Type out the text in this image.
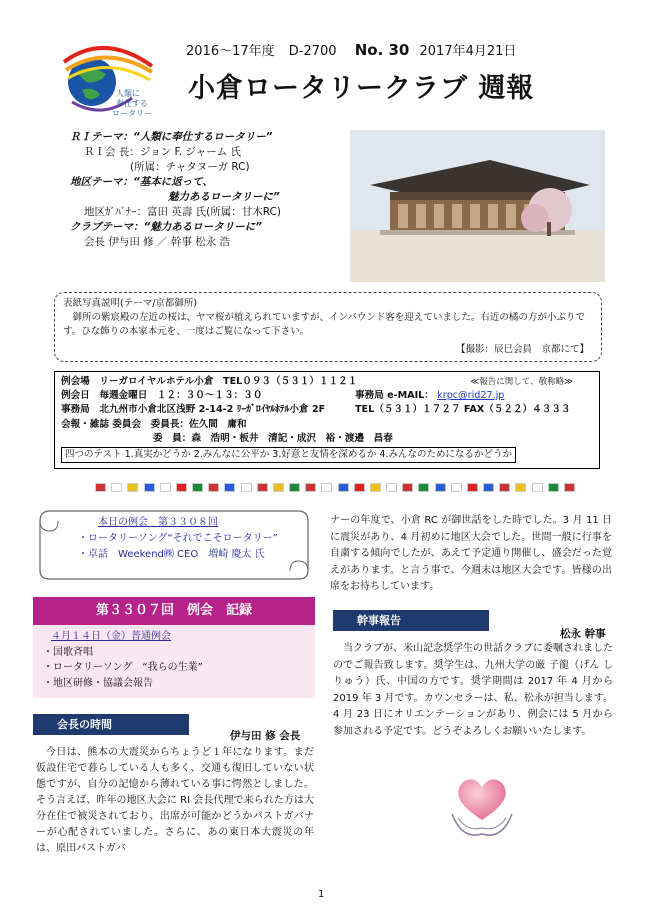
人類に
奉仕する
ロータリー
2016～17年度 D-2700 No. 30 2017年4月21日
小倉ロータリークラブ 週報
ＲＩテーマ：“人類に奉仕するロータリー”
ＲＩ会 長：ジョン F. ジャーム 氏
(所属：チャタヌーガ RC)
地区テーマ：“基本に返って、
魅力あるロータリーに”
地区ｶﾞﾊﾞﾅｰ：富田 英壽 氏(所属：甘木RC)
クラブテーマ：“魅力あるロータリーに”
会長 伊与田 修 ／ 幹事 松永 浩
表紙写真説明(テーマ/京都御所)
御所の紫宸殿の左近の桜は、ヤマ桜が植えられていますが、インバウンド客を迎えていました。右近の橘の方が小ぶりです。ひな飾りの本家本元を、一度はご覧になって下さい。
【撮影：辰巳会員　京都にて】
例会場　リーガロイヤルホテル小倉　TEL０９３（５３１）１１２１	≪報告に関して、敬称略≫
例会日　毎週金曜日　１２：３０～１３：３０	事務局 e-MAIL： krpc@rid27.jp
事務局　北九州市小倉北区浅野 2-14-2 ﾘｰｶﾞﾛｲﾔﾙﾎﾃﾙ小倉 2F	TEL（５３１）１７２７ FAX（５２２）４３３３
会報・雑誌 委員会　委員長：佐久間　庸和
委　員：森　浩明・板井　清記・成沢　裕・渡邉　昌春
四つのテスト 1.真実かどうか 2.みんなに公平か 3.好意と友情を深めるか 4.みんなのためになるかどうか
本日の例会　第３３０８回
・ロータリーソング“それでこそロータリー”
・卓話　Weekend㈱ CEO　増崎 慶太 氏
第３３０７回　例会　記録
４月１４日（金）普通例会
・国歌斉唱
・ロータリーソング　“我らの生業”
・地区研修・協議会報告
会長の時間
伊与田 修 会長
今日は、熊本の大震災からちょうど１年になります。まだ仮設住宅で暮らしている人も多く、交通も復旧していない状態ですが、自分の記憶から薄れている事に愕然としました。そう言えば、昨年の地区大会に RI 会長代理で来られた方は大分在住で被災されており、出席が可能かどうかパストガバナーが心配されていました。さらに、あの東日本大震災の年は、原田パストガバ
ナーの年度で、小倉 RC が御世話をした時でした。3 月 11 日に震災があり、4 月初めに地区大会でした。世間一般に行事を自粛する傾向でしたが、あえて予定通り開催し、盛会だった覚えがあります。と言う事で、今週末は地区大会です。皆様の出席をお待ちしています。
幹事報告
松永 幹事
当クラブが、米山記念奨学生の世話クラブに委嘱されましたのでご報告致します。奨学生は、九州大学の厳 子龍（げん しりゅう）氏、中国の方です。奨学期間は 2017 年 4 月から 2019 年 3 月です。カウンセラーは、私、松永が担当します。4 月 23 日にオリエンテーションがあり、例会には 5 月から参加される予定です。どうぞよろしくお願いいたします。
1
